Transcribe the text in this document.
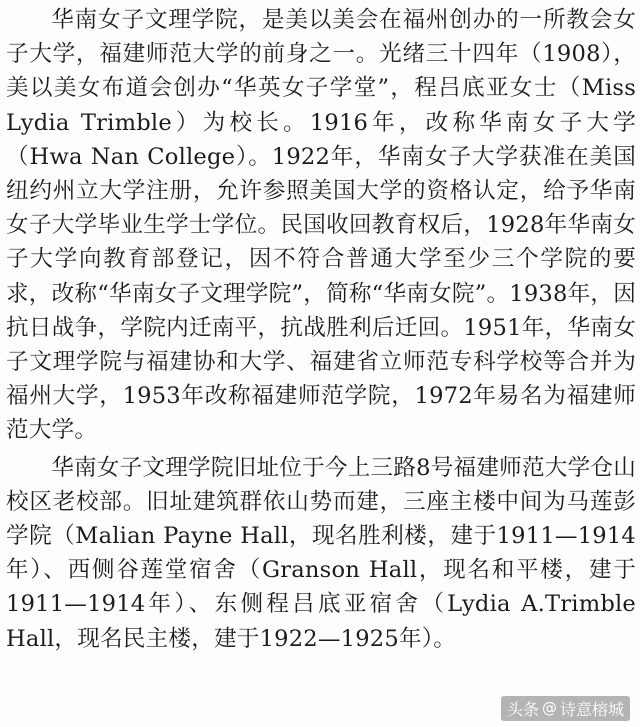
华南女子文理学院，是美以美会在福州创办的一所教会女子大学，福建师范大学的前身之一。光绪三十四年（1908），美以美女布道会创办“华英女子学堂”，程吕底亚女士（Miss Lydia Trimble）为校长。1916年，改称华南女子大学（Hwa Nan College）。1922年，华南女子大学获准在美国纽约州立大学注册，允许参照美国大学的资格认定，给予华南女子大学毕业生学士学位。民国收回教育权后，1928年华南女子大学向教育部登记，因不符合普通大学至少三个学院的要求，改称“华南女子文理学院”，简称“华南女院”。1938年，因抗日战争，学院内迁南平，抗战胜利后迁回。1951年，华南女子文理学院与福建协和大学、福建省立师范专科学校等合并为福州大学，1953年改称福建师范学院，1972年易名为福建师范大学。

华南女子文理学院旧址位于今上三路8号福建师范大学仓山校区老校部。旧址建筑群依山势而建，三座主楼中间为马莲彭学院（Malian Payne Hall，现名胜利楼，建于1911—1914年）、西侧谷莲堂宿舍（Granson Hall，现名和平楼，建于1911—1914年）、东侧程吕底亚宿舍（Lydia A.Trimble Hall，现名民主楼，建于1922—1925年）。

头条 @ 诗意榕城
